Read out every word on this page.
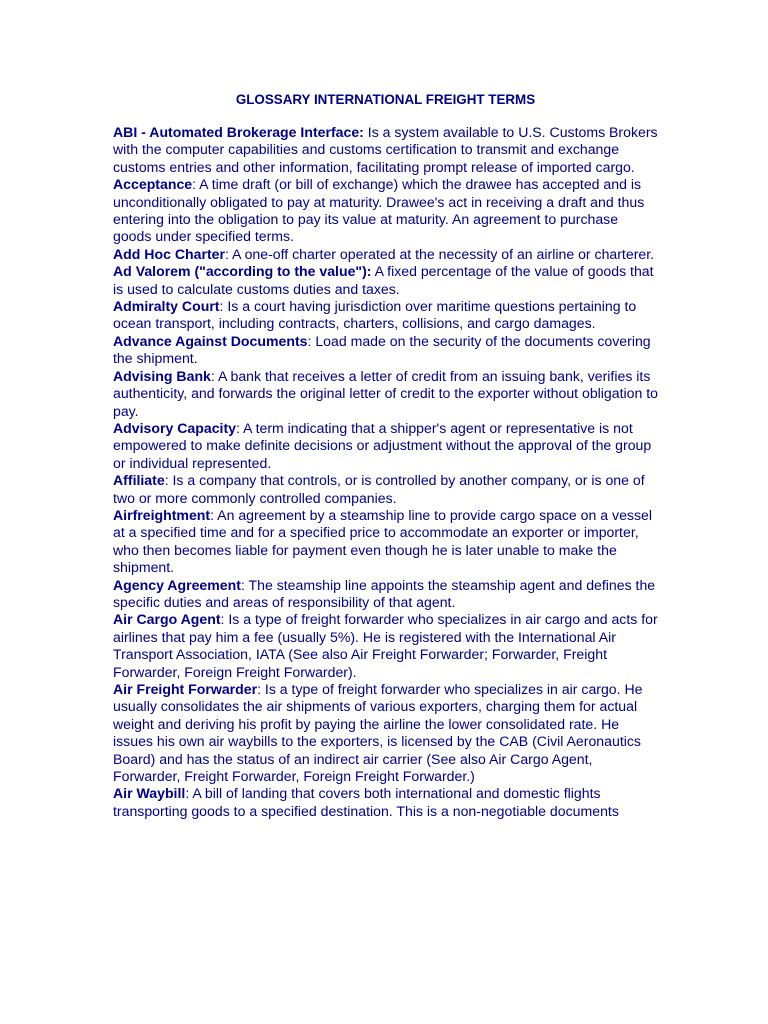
GLOSSARY INTERNATIONAL FREIGHT TERMS

ABI - Automated Brokerage Interface: Is a system available to U.S. Customs Brokers with the computer capabilities and customs certification to transmit and exchange customs entries and other information, facilitating prompt release of imported cargo.

Acceptance: A time draft (or bill of exchange) which the drawee has accepted and is unconditionally obligated to pay at maturity. Drawee's act in receiving a draft and thus entering into the obligation to pay its value at maturity. An agreement to purchase goods under specified terms.

Add Hoc Charter: A one-off charter operated at the necessity of an airline or charterer.

Ad Valorem ("according to the value"): A fixed percentage of the value of goods that is used to calculate customs duties and taxes.

Admiralty Court: Is a court having jurisdiction over maritime questions pertaining to ocean transport, including contracts, charters, collisions, and cargo damages.

Advance Against Documents: Load made on the security of the documents covering the shipment.

Advising Bank: A bank that receives a letter of credit from an issuing bank, verifies its authenticity, and forwards the original letter of credit to the exporter without obligation to pay.

Advisory Capacity: A term indicating that a shipper's agent or representative is not empowered to make definite decisions or adjustment without the approval of the group or individual represented.

Affiliate: Is a company that controls, or is controlled by another company, or is one of two or more commonly controlled companies.

Airfreightment: An agreement by a steamship line to provide cargo space on a vessel at a specified time and for a specified price to accommodate an exporter or importer, who then becomes liable for payment even though he is later unable to make the shipment.

Agency Agreement: The steamship line appoints the steamship agent and defines the specific duties and areas of responsibility of that agent.

Air Cargo Agent: Is a type of freight forwarder who specializes in air cargo and acts for airlines that pay him a fee (usually 5%). He is registered with the International Air Transport Association, IATA (See also Air Freight Forwarder; Forwarder, Freight Forwarder, Foreign Freight Forwarder).

Air Freight Forwarder: Is a type of freight forwarder who specializes in air cargo. He usually consolidates the air shipments of various exporters, charging them for actual weight and deriving his profit by paying the airline the lower consolidated rate. He issues his own air waybills to the exporters, is licensed by the CAB (Civil Aeronautics Board) and has the status of an indirect air carrier (See also Air Cargo Agent, Forwarder, Freight Forwarder, Foreign Freight Forwarder.)

Air Waybill: A bill of landing that covers both international and domestic flights transporting goods to a specified destination. This is a non-negotiable documents
